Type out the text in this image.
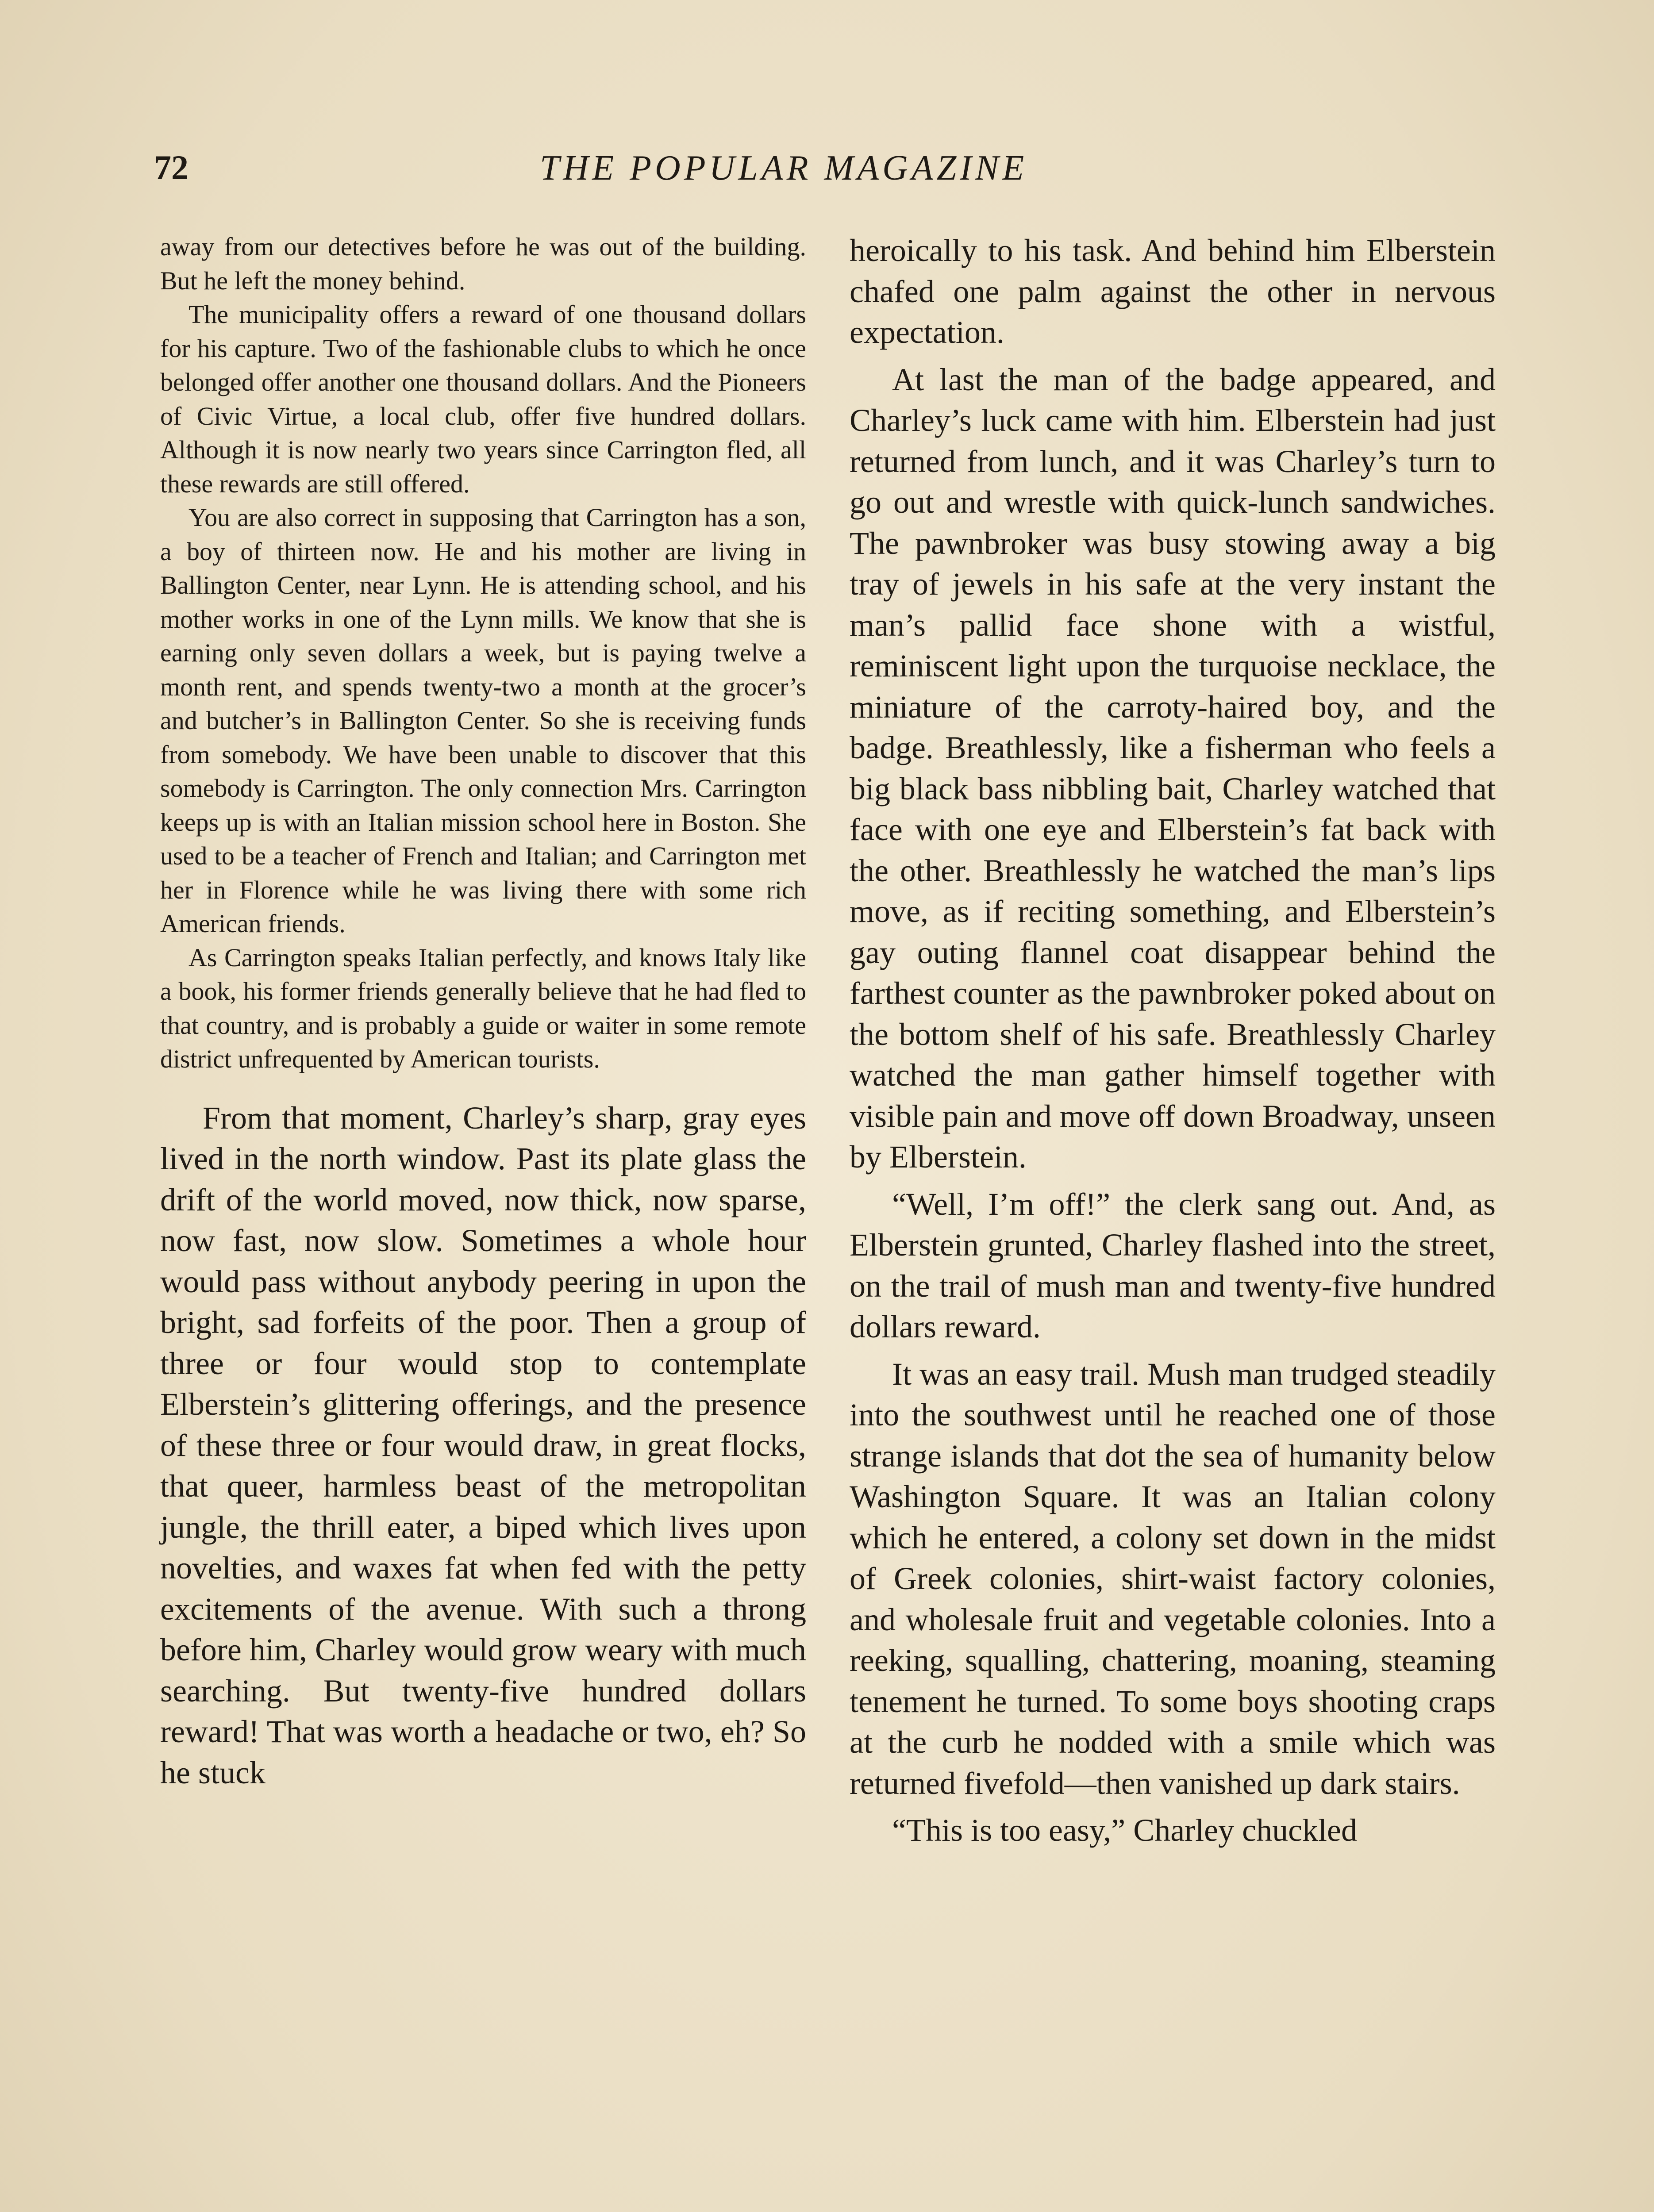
72	THE POPULAR MAGAZINE

away from our detectives before he was out of the building. But he left the money behind.

The municipality offers a reward of one thousand dollars for his capture. Two of the fashionable clubs to which he once belonged offer another one thousand dollars. And the Pioneers of Civic Virtue, a local club, offer five hundred dollars. Although it is now nearly two years since Carrington fled, all these rewards are still offered.

You are also correct in supposing that Carrington has a son, a boy of thirteen now. He and his mother are living in Ballington Center, near Lynn. He is attending school, and his mother works in one of the Lynn mills. We know that she is earning only seven dollars a week, but is paying twelve a month rent, and spends twenty-two a month at the grocer’s and butcher’s in Ballington Center. So she is receiving funds from somebody. We have been unable to discover that this somebody is Carrington. The only connection Mrs. Carrington keeps up is with an Italian mission school here in Boston. She used to be a teacher of French and Italian; and Carrington met her in Florence while he was living there with some rich American friends.

As Carrington speaks Italian perfectly, and knows Italy like a book, his former friends generally believe that he had fled to that country, and is probably a guide or waiter in some remote district unfrequented by American tourists.

From that moment, Charley’s sharp, gray eyes lived in the north window. Past its plate glass the drift of the world moved, now thick, now sparse, now fast, now slow. Sometimes a whole hour would pass without anybody peering in upon the bright, sad forfeits of the poor. Then a group of three or four would stop to contemplate Elberstein’s glittering offerings, and the presence of these three or four would draw, in great flocks, that queer, harmless beast of the metropolitan jungle, the thrill eater, a biped which lives upon novelties, and waxes fat when fed with the petty excitements of the avenue. With such a throng before him, Charley would grow weary with much searching. But twenty-five hundred dollars reward! That was worth a headache or two, eh? So he stuck

heroically to his task. And behind him Elberstein chafed one palm against the other in nervous expectation.

At last the man of the badge appeared, and Charley’s luck came with him. Elberstein had just returned from lunch, and it was Charley’s turn to go out and wrestle with quick-lunch sandwiches. The pawnbroker was busy stowing away a big tray of jewels in his safe at the very instant the man’s pallid face shone with a wistful, reminiscent light upon the turquoise necklace, the miniature of the carroty-haired boy, and the badge. Breathlessly, like a fisherman who feels a big black bass nibbling bait, Charley watched that face with one eye and Elberstein’s fat back with the other. Breathlessly he watched the man’s lips move, as if reciting something, and Elberstein’s gay outing flannel coat disappear behind the farthest counter as the pawnbroker poked about on the bottom shelf of his safe. Breathlessly Charley watched the man gather himself together with visible pain and move off down Broadway, unseen by Elberstein.

“Well, I’m off!” the clerk sang out. And, as Elberstein grunted, Charley flashed into the street, on the trail of mush man and twenty-five hundred dollars reward.

It was an easy trail. Mush man trudged steadily into the southwest until he reached one of those strange islands that dot the sea of humanity below Washington Square. It was an Italian colony which he entered, a colony set down in the midst of Greek colonies, shirt-waist factory colonies, and wholesale fruit and vegetable colonies. Into a reeking, squalling, chattering, moaning, steaming tenement he turned. To some boys shooting craps at the curb he nodded with a smile which was returned fivefold—then vanished up dark stairs.

“This is too easy,” Charley chuckled
